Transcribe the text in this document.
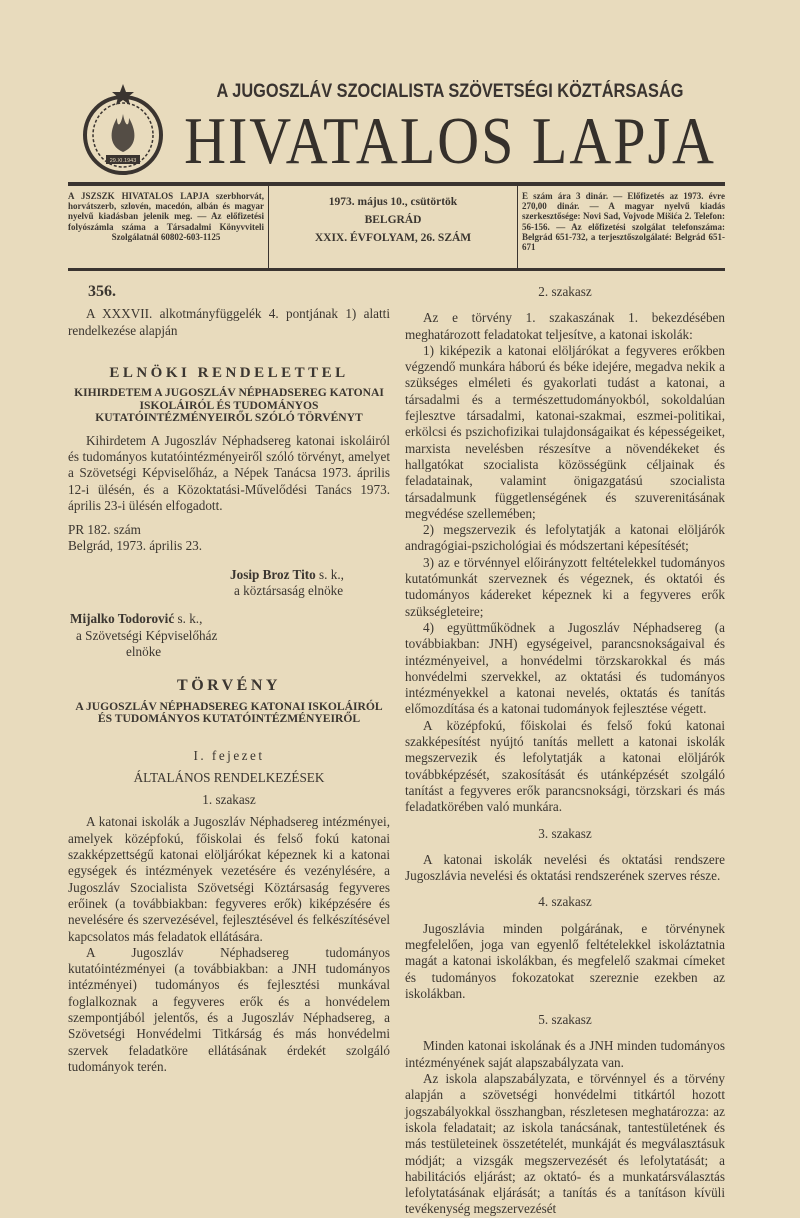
29.XI.1943
A JUGOSZLÁV SZOCIALISTA SZÖVETSÉGI KÖZTÁRSASÁG
HIVATALOS LAPJA
A JSZSZK HIVATALOS LAPJA szerbhorvát, horvátszerb, szlovén, macedón, albán és magyar nyelvű kiadásban jelenik meg. — Az előfizetési folyószámla száma a Társadalmi Könyvviteli Szolgálatnál 60802-603-1125
1973. május 10., csütörtök
BELGRÁD
XXIX. ÉVFOLYAM, 26. SZÁM
E szám ára 3 dinár. — Előfizetés az 1973. évre 270,00 dinár. — A magyar nyelvű kiadás szerkesztősége: Novi Sad, Vojvode Mišića 2. Telefon: 56-156. — Az előfizetési szolgálat telefonszáma: Belgrád 651-732, a terjesztőszolgálaté: Belgrád 651-671
356.

A XXXVII. alkotmányfüggelék 4. pontjának 1) alatti rendelkezése alapján

ELNÖKI RENDELETTEL
KIHIRDETEM A JUGOSZLÁV NÉPHADSEREG KATONAI ISKOLÁIRÓL ÉS TUDOMÁNYOS KUTATÓINTÉZMÉNYEIRŐL SZÓLÓ TÖRVÉNYT

Kihirdetem A Jugoszláv Néphadsereg katonai iskoláiról és tudományos kutatóintézményeiről szóló törvényt, amelyet a Szövetségi Képviselőház, a Népek Tanácsa 1973. április 12-i ülésén, és a Közoktatási-Művelődési Tanács 1973. április 23-i ülésén elfogadott.

PR 182. szám
Belgrád, 1973. április 23.
Josip Broz Tito s. k.,
a köztársaság elnöke
Mijalko Todorović s. k.,
a Szövetségi Képviselőház
elnöke
TÖRVÉNY
A JUGOSZLÁV NÉPHADSEREG KATONAI ISKOLÁIRÓL ÉS TUDOMÁNYOS KUTATÓINTÉZMÉNYEIRŐL
I. fejezet
ÁLTALÁNOS RENDELKEZÉSEK
1. szakasz

A katonai iskolák a Jugoszláv Néphadsereg intézményei, amelyek középfokú, főiskolai és felső fokú katonai szakképzettségű katonai elöljárókat képeznek ki a katonai egységek és intézmények vezetésére és vezénylésére, a Jugoszláv Szocialista Szövetségi Köztársaság fegyveres erőinek (a továbbiakban: fegyveres erők) kiképzésére és nevelésére és szervezésével, fejlesztésével és felkészítésével kapcsolatos más feladatok ellátására.

A Jugoszláv Néphadsereg tudományos kutatóintézményei (a továbbiakban: a JNH tudományos intézményei) tudományos és fejlesztési munkával foglalkoznak a fegyveres erők és a honvédelem szempontjából jelentős, és a Jugoszláv Néphadsereg, a Szövetségi Honvédelmi Titkárság és más honvédelmi szervek feladatköre ellátásának érdekét szolgáló tudományok terén.

2. szakasz

Az e törvény 1. szakaszának 1. bekezdésében meghatározott feladatokat teljesítve, a katonai iskolák:

1) kiképezik a katonai elöljárókat a fegyveres erőkben végzendő munkára háború és béke idejére, megadva nekik a szükséges elméleti és gyakorlati tudást a katonai, a társadalmi és a természettudományokból, sokoldalúan fejlesztve társadalmi, katonai-szakmai, eszmei-politikai, erkölcsi és pszichofizikai tulajdonságaikat és képességeiket, marxista nevelésben részesítve a növendékeket és hallgatókat szocialista közösségünk céljainak és feladatainak, valamint önigazgatású szocialista társadalmunk függetlenségének és szuverenitásának megvédése szellemében;

2) megszervezik és lefolytatják a katonai elöljárók andragógiai-pszichológiai és módszertani képesítését;

3) az e törvénnyel előirányzott feltételekkel tudományos kutatómunkát szerveznek és végeznek, és oktatói és tudományos kádereket képeznek ki a fegyveres erők szükségleteire;

4) együttműködnek a Jugoszláv Néphadsereg (a továbbiakban: JNH) egységeivel, parancsnokságaival és intézményeivel, a honvédelmi törzskarokkal és más honvédelmi szervekkel, az oktatási és tudományos intézményekkel a katonai nevelés, oktatás és tanítás előmozdítása és a katonai tudományok fejlesztése végett.

A középfokú, főiskolai és felső fokú katonai szakképesítést nyújtó tanítás mellett a katonai iskolák megszervezik és lefolytatják a katonai elöljárók továbbképzését, szakosítását és utánképzését szolgáló tanítást a fegyveres erők parancsnoksági, törzskari és más feladatkörében való munkára.

3. szakasz

A katonai iskolák nevelési és oktatási rendszere Jugoszlávia nevelési és oktatási rendszerének szerves része.

4. szakasz

Jugoszlávia minden polgárának, e törvénynek megfelelően, joga van egyenlő feltételekkel iskoláztatnia magát a katonai iskolákban, és megfelelő szakmai címeket és tudományos fokozatokat szereznie ezekben az iskolákban.

5. szakasz

Minden katonai iskolának és a JNH minden tudományos intézményének saját alapszabályzata van.

Az iskola alapszabályzata, e törvénnyel és a törvény alapján a szövetségi honvédelmi titkártól hozott jogszabályokkal összhangban, részletesen meghatározza: az iskola feladatait; az iskola tanácsának, tantestületének és más testületeinek összetételét, munkáját és megválasztásuk módját; a vizsgák megszervezését és lefolytatását; a habilitációs eljárást; az oktató- és a munkatársválasztás lefolytatásának eljárását; a tanítás és a tanításon kívüli tevékenység megszervezését
